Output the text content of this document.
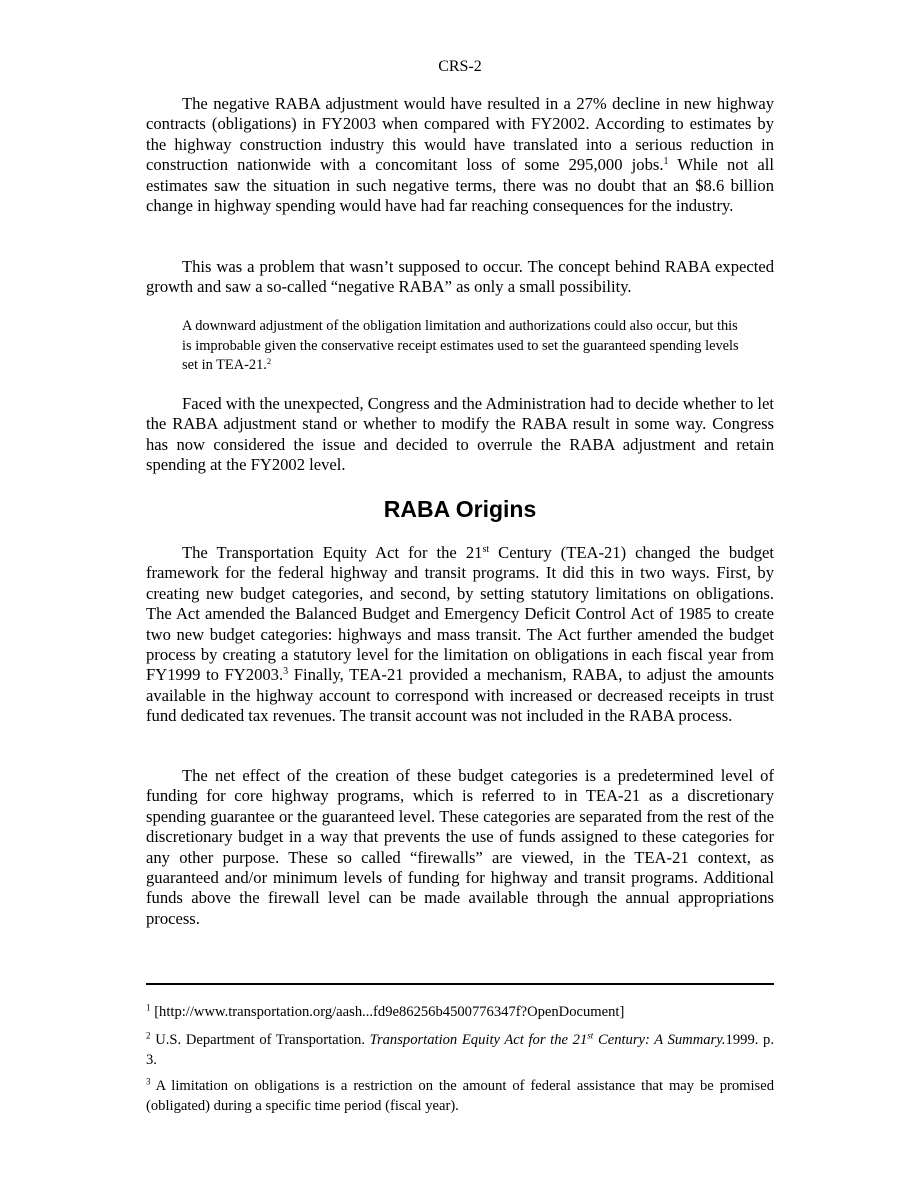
CRS-2

The negative RABA adjustment would have resulted in a 27% decline in new highway contracts (obligations) in FY2003 when compared with FY2002. According to estimates by the highway construction industry this would have translated into a serious reduction in construction nationwide with a concomitant loss of some 295,000 jobs.$^1$ While not all estimates saw the situation in such negative terms, there was no doubt that an $8.6 billion change in highway spending would have had far reaching consequences for the industry.

This was a problem that wasn’t supposed to occur. The concept behind RABA expected growth and saw a so-called “negative RABA” as only a small possibility.

A downward adjustment of the obligation limitation and authorizations could also occur, but this is improbable given the conservative receipt estimates used to set the guaranteed spending levels set in TEA-21.$^2$

Faced with the unexpected, Congress and the Administration had to decide whether to let the RABA adjustment stand or whether to modify the RABA result in some way. Congress has now considered the issue and decided to overrule the RABA adjustment and retain spending at the FY2002 level.

RABA Origins

The Transportation Equity Act for the 21st Century (TEA-21) changed the budget framework for the federal highway and transit programs. It did this in two ways. First, by creating new budget categories, and second, by setting statutory limitations on obligations. The Act amended the Balanced Budget and Emergency Deficit Control Act of 1985 to create two new budget categories: highways and mass transit. The Act further amended the budget process by creating a statutory level for the limitation on obligations in each fiscal year from FY1999 to FY2003.$^3$ Finally, TEA-21 provided a mechanism, RABA, to adjust the amounts available in the highway account to correspond with increased or decreased receipts in trust fund dedicated tax revenues. The transit account was not included in the RABA process.

The net effect of the creation of these budget categories is a predetermined level of funding for core highway programs, which is referred to in TEA-21 as a discretionary spending guarantee or the guaranteed level. These categories are separated from the rest of the discretionary budget in a way that prevents the use of funds assigned to these categories for any other purpose. These so called “firewalls” are viewed, in the TEA-21 context, as guaranteed and/or minimum levels of funding for highway and transit programs. Additional funds above the firewall level can be made available through the annual appropriations process.

$^1$ [http://www.transportation.org/aash...fd9e86256b4500776347f?OpenDocument]

$^2$ U.S. Department of Transportation. Transportation Equity Act for the 21st Century: A Summary.1999. p. 3.

$^3$ A limitation on obligations is a restriction on the amount of federal assistance that may be promised (obligated) during a specific time period (fiscal year).
